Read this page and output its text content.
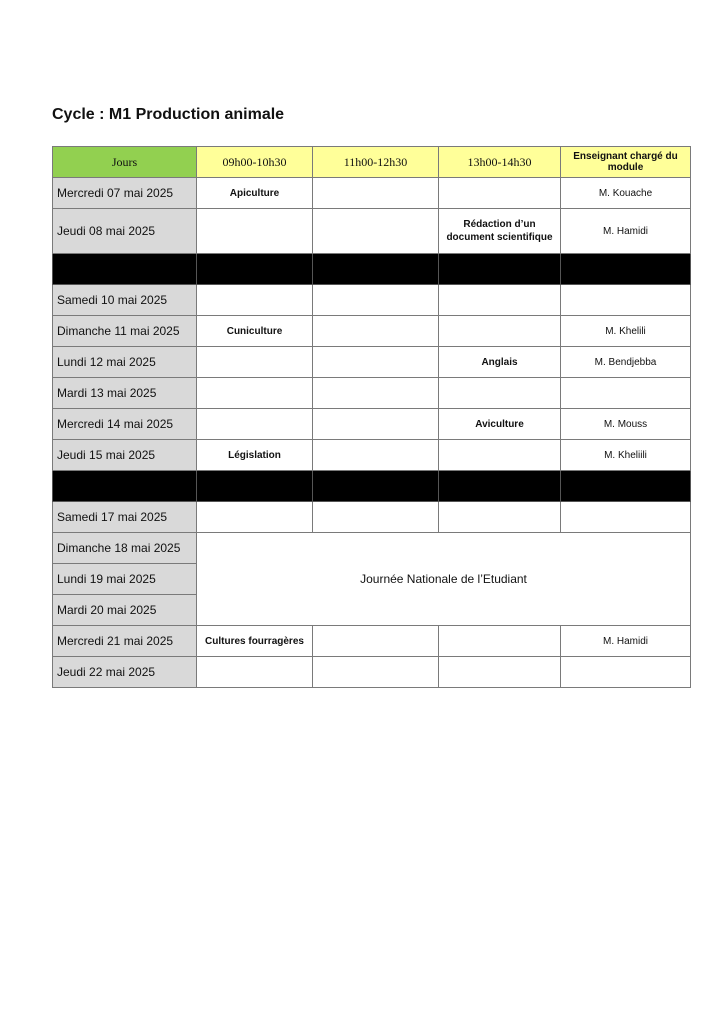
Cycle : M1 Production animale
Jours	09h00-10h30	11h00-12h30	13h00-14h30	Enseignant chargé du module
Mercredi 07 mai 2025	Apiculture			M. Kouache
Jeudi 08 mai 2025			Rédaction d’un document scientifique	M. Hamidi

Samedi 10 mai 2025				
Dimanche 11 mai 2025	Cuniculture			M. Khelili
Lundi 12 mai 2025			Anglais	M. Bendjebba
Mardi 13 mai 2025				
Mercredi 14 mai 2025			Aviculture	M. Mouss
Jeudi 15 mai 2025	Législation			M. Kheliili

Samedi 17 mai 2025				
Dimanche 18 mai 2025	Journée Nationale de l’Etudiant			
Lundi 19 mai 2025				
Mardi 20 mai 2025				
Mercredi 21 mai 2025	Cultures fourragères			M. Hamidi
Jeudi 22 mai 2025				
